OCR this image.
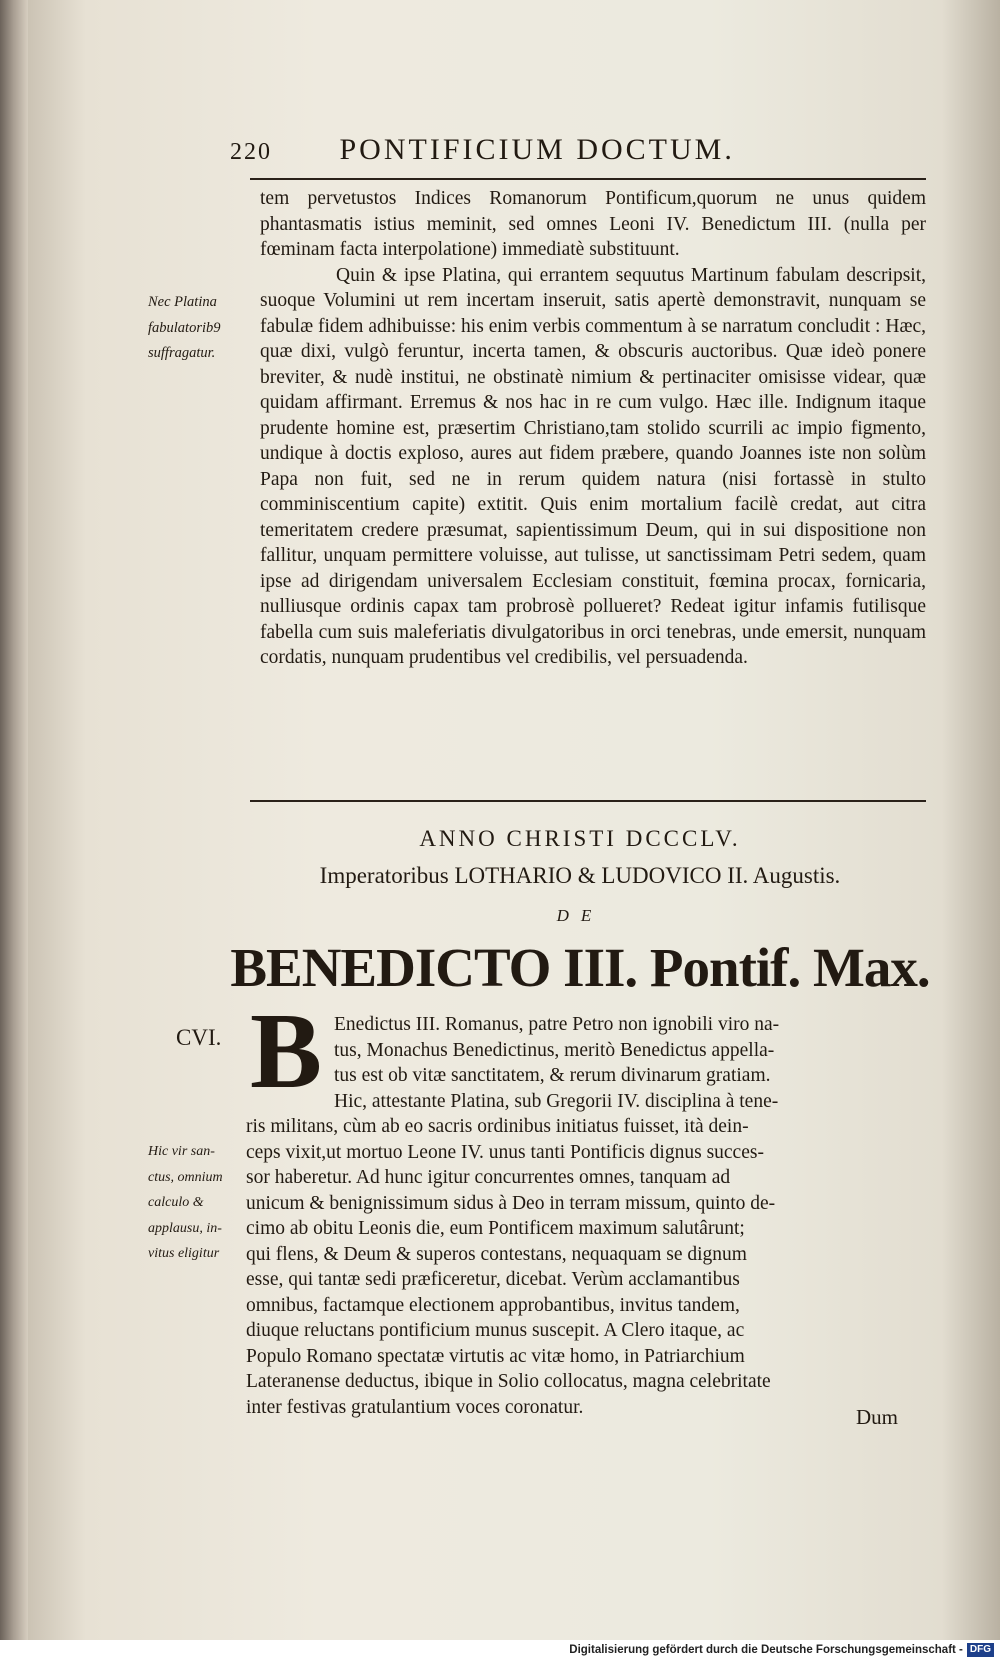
220 PONTIFICIUM DOCTUM.

tem pervetustos Indices Romanorum Pontificum,quorum ne unus quidem phantasmatis istius meminit, sed omnes Leoni IV. Benedictum III. (nulla per fœminam facta interpolatione) immediatè substituunt.

Quin & ipse Platina, qui errantem sequutus Martinum fabulam descripsit, suoque Volumini ut rem incertam inseruit, satis apertè demonstravit, nunquam se fabulæ fidem adhibuisse: his enim verbis commentum à se narratum concludit : Hæc, quæ dixi, vulgò feruntur, incerta tamen, & obscuris auctoribus. Quæ ideò ponere breviter, & nudè institui, ne obstinatè nimium & pertinaciter omisisse videar, quæ quidam affirmant. Erremus & nos hac in re cum vulgo. Hæc ille. Indignum itaque prudente homine est, præsertim Christiano,tam stolido scurrili ac impio figmento, undique à doctis exploso, aures aut fidem præbere, quando Joannes iste non solùm Papa non fuit, sed ne in rerum quidem natura (nisi fortassè in stulto comminiscentium capite) extitit. Quis enim mortalium facilè credat, aut citra temeritatem credere præsumat, sapientissimum Deum, qui in sui dispositione non fallitur, unquam permittere voluisse, aut tulisse, ut sanctissimam Petri sedem, quam ipse ad dirigendam universalem Ecclesiam constituit, fœmina procax, fornicaria, nulliusque ordinis capax tam probrosè pollueret? Redeat igitur infamis futilisque fabella cum suis maleferiatis divulgatoribus in orci tenebras, unde emersit, nunquam cordatis, nunquam prudentibus vel credibilis, vel persuadenda.

Nec Platina
fabulatorib9
suffragatur.
ANNO CHRISTI DCCCLV.
Imperatoribus LOTHARIO & LUDOVICO II. Augustis.
DE
BENEDICTO III. Pontif. Max.
CVI. B Enedictus III. Romanus, patre Petro non ignobili viro na-
tus, Monachus Benedictinus, meritò Benedictus appella-
tus est ob vitæ sanctitatem, & rerum divinarum gratiam.
Hic, attestante Platina, sub Gregorii IV. disciplina à tene-
ris militans, cùm ab eo sacris ordinibus initiatus fuisset, ità dein-
ceps vixit,ut mortuo Leone IV. unus tanti Pontificis dignus succes-
sor haberetur. Ad hunc igitur concurrentes omnes, tanquam ad
unicum & benignissimum sidus à Deo in terram missum, quinto de-
cimo ab obitu Leonis die, eum Pontificem maximum salutârunt;
qui flens, & Deum & superos contestans, nequaquam se dignum
esse, qui tantæ sedi præficeretur, dicebat. Verùm acclamantibus
omnibus, factamque electionem approbantibus, invitus tandem,
diuque reluctans pontificium munus suscepit. A Clero itaque, ac
Populo Romano spectatæ virtutis ac vitæ homo, in Patriarchium
Lateranense deductus, ibique in Solio collocatus, magna celebritate
inter festivas gratulantium voces coronatur.
Hic vir san-
ctus, omnium
calculo &
applausu, in-
vitus eligitur
Dum
Digitalisierung gefördert durch die Deutsche Forschungsgemeinschaft - DFG
